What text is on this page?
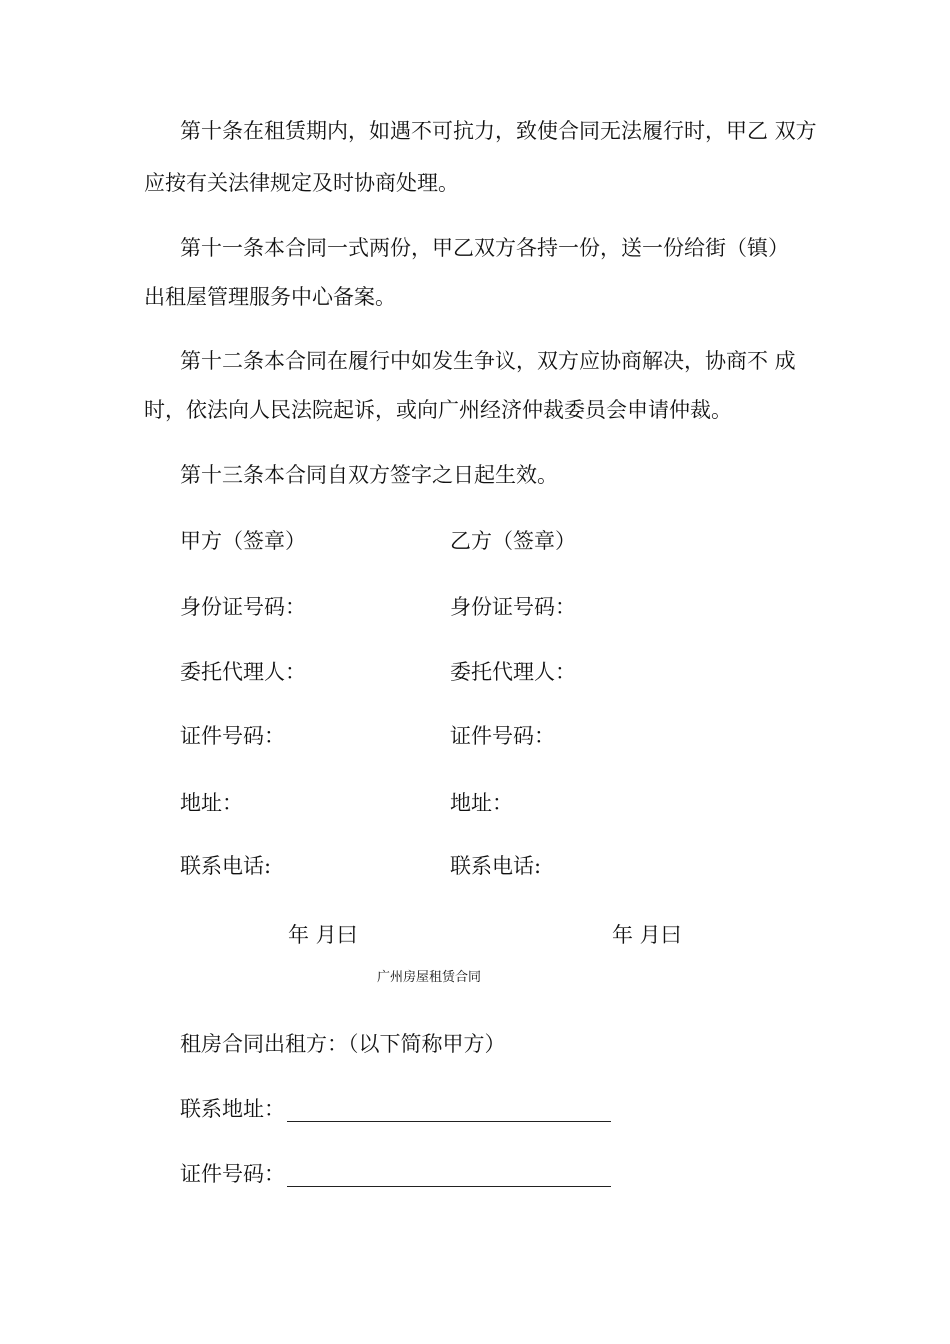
第十条在租赁期内，如遇不可抗力，致使合同无法履行时，甲乙 双方
应按有关法律规定及时协商处理。
第十一条本合同一式两份，甲乙双方各持一份，送一份给街（镇）
出租屋管理服务中心备案。
第十二条本合同在履行中如发生争议，双方应协商解决，协商不 成
时，依法向人民法院起诉，或向广州经济仲裁委员会申请仲裁。
第十三条本合同自双方签字之日起生效。
甲方（签章）	乙方（签章）
身份证号码：	身份证号码：
委托代理人：	委托代理人：
证件号码：	证件号码：
地址：	地址：
联系电话:	联系电话:
年 月曰	年 月曰
广州房屋租赁合同
租房合同出租方：（以下简称甲方）
联系地址：
证件号码：
